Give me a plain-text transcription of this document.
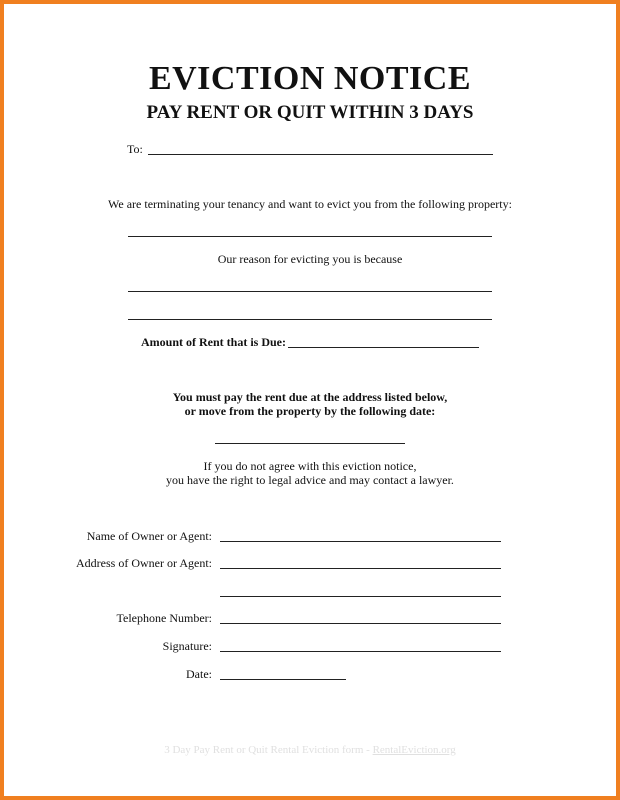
EVICTION NOTICE
PAY RENT OR QUIT WITHIN 3 DAYS
To:
We are terminating your tenancy and want to evict you from the following property:
Our reason for evicting you is because
Amount of Rent that is Due:
You must pay the rent due at the address listed below,
or move from the property by the following date:
If you do not agree with this eviction notice,
you have the right to legal advice and may contact a lawyer.
Name of Owner or Agent:
Address of Owner or Agent:
Telephone Number:
Signature:
Date:
3 Day Pay Rent or Quit Rental Eviction form - RentalEviction.org
